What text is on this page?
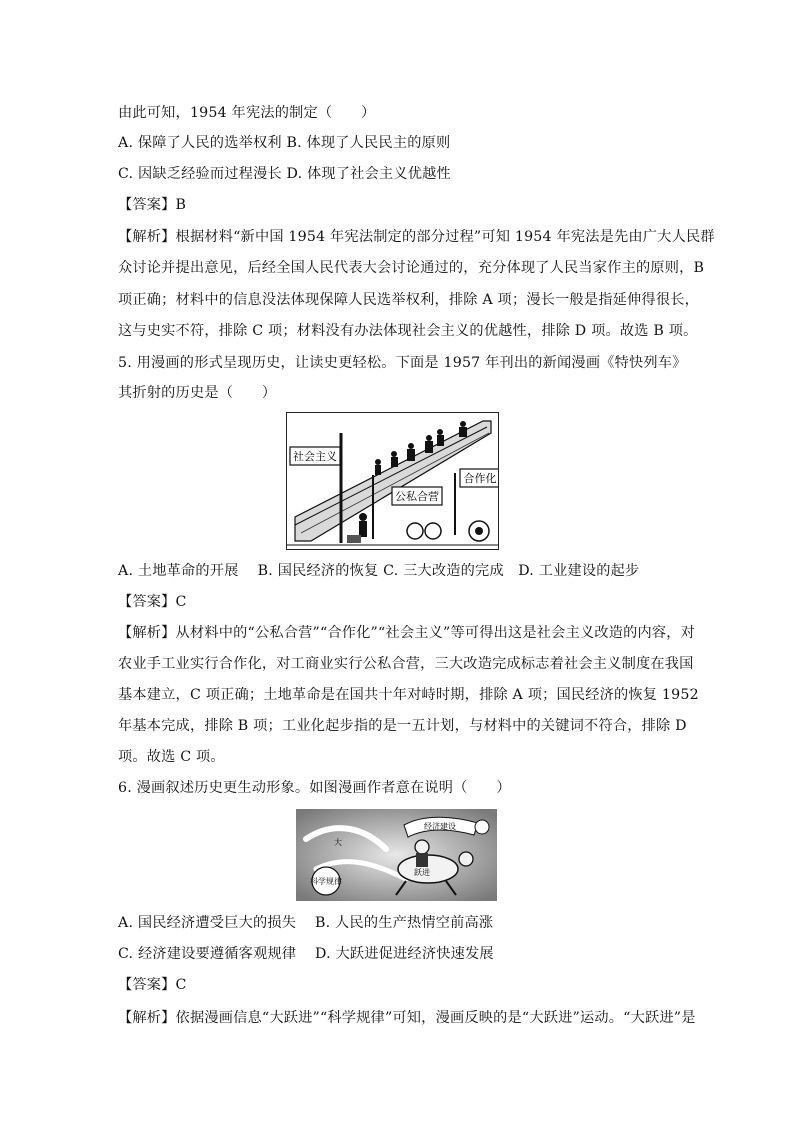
由此可知，1954 年宪法的制定（　　）
A. 保障了人民的选举权利 B. 体现了人民民主的原则
C. 因缺乏经验而过程漫长 D. 体现了社会主义优越性
【答案】B
【解析】根据材料“新中国 1954 年宪法制定的部分过程”可知 1954 年宪法是先由广大人民群
众讨论并提出意见，后经全国人民代表大会讨论通过的，充分体现了人民当家作主的原则，B
项正确；材料中的信息没法体现保障人民选举权利，排除 A 项；漫长一般是指延伸得很长，
这与史实不符，排除 C 项；材料没有办法体现社会主义的优越性，排除 D 项。故选 B 项。
5. 用漫画的形式呈现历史，让读史更轻松。下面是 1957 年刊出的新闻漫画《特快列车》
其折射的历史是（　　）
社会主义
公私合营
合作化
A. 土地革命的开展　 B. 国民经济的恢复 C. 三大改造的完成　D. 工业建设的起步
【答案】C
【解析】从材料中的“公私合营”“合作化”“社会主义”等可得出这是社会主义改造的内容，对
农业手工业实行合作化，对工商业实行公私合营，三大改造完成标志着社会主义制度在我国
基本建立，C 项正确；土地革命是在国共十年对峙时期，排除 A 项；国民经济的恢复 1952
年基本完成，排除 B 项；工业化起步指的是一五计划，与材料中的关键词不符合，排除 D
项。故选 C 项。
6. 漫画叙述历史更生动形象。如图漫画作者意在说明（　　）
经济建设
大
跃进
科学规律
A. 国民经济遭受巨大的损失 B. 人民的生产热情空前高涨
C. 经济建设要遵循客观规律 D. 大跃进促进经济快速发展
【答案】C
【解析】依据漫画信息“大跃进”“科学规律”可知，漫画反映的是“大跃进”运动。“大跃进”是
